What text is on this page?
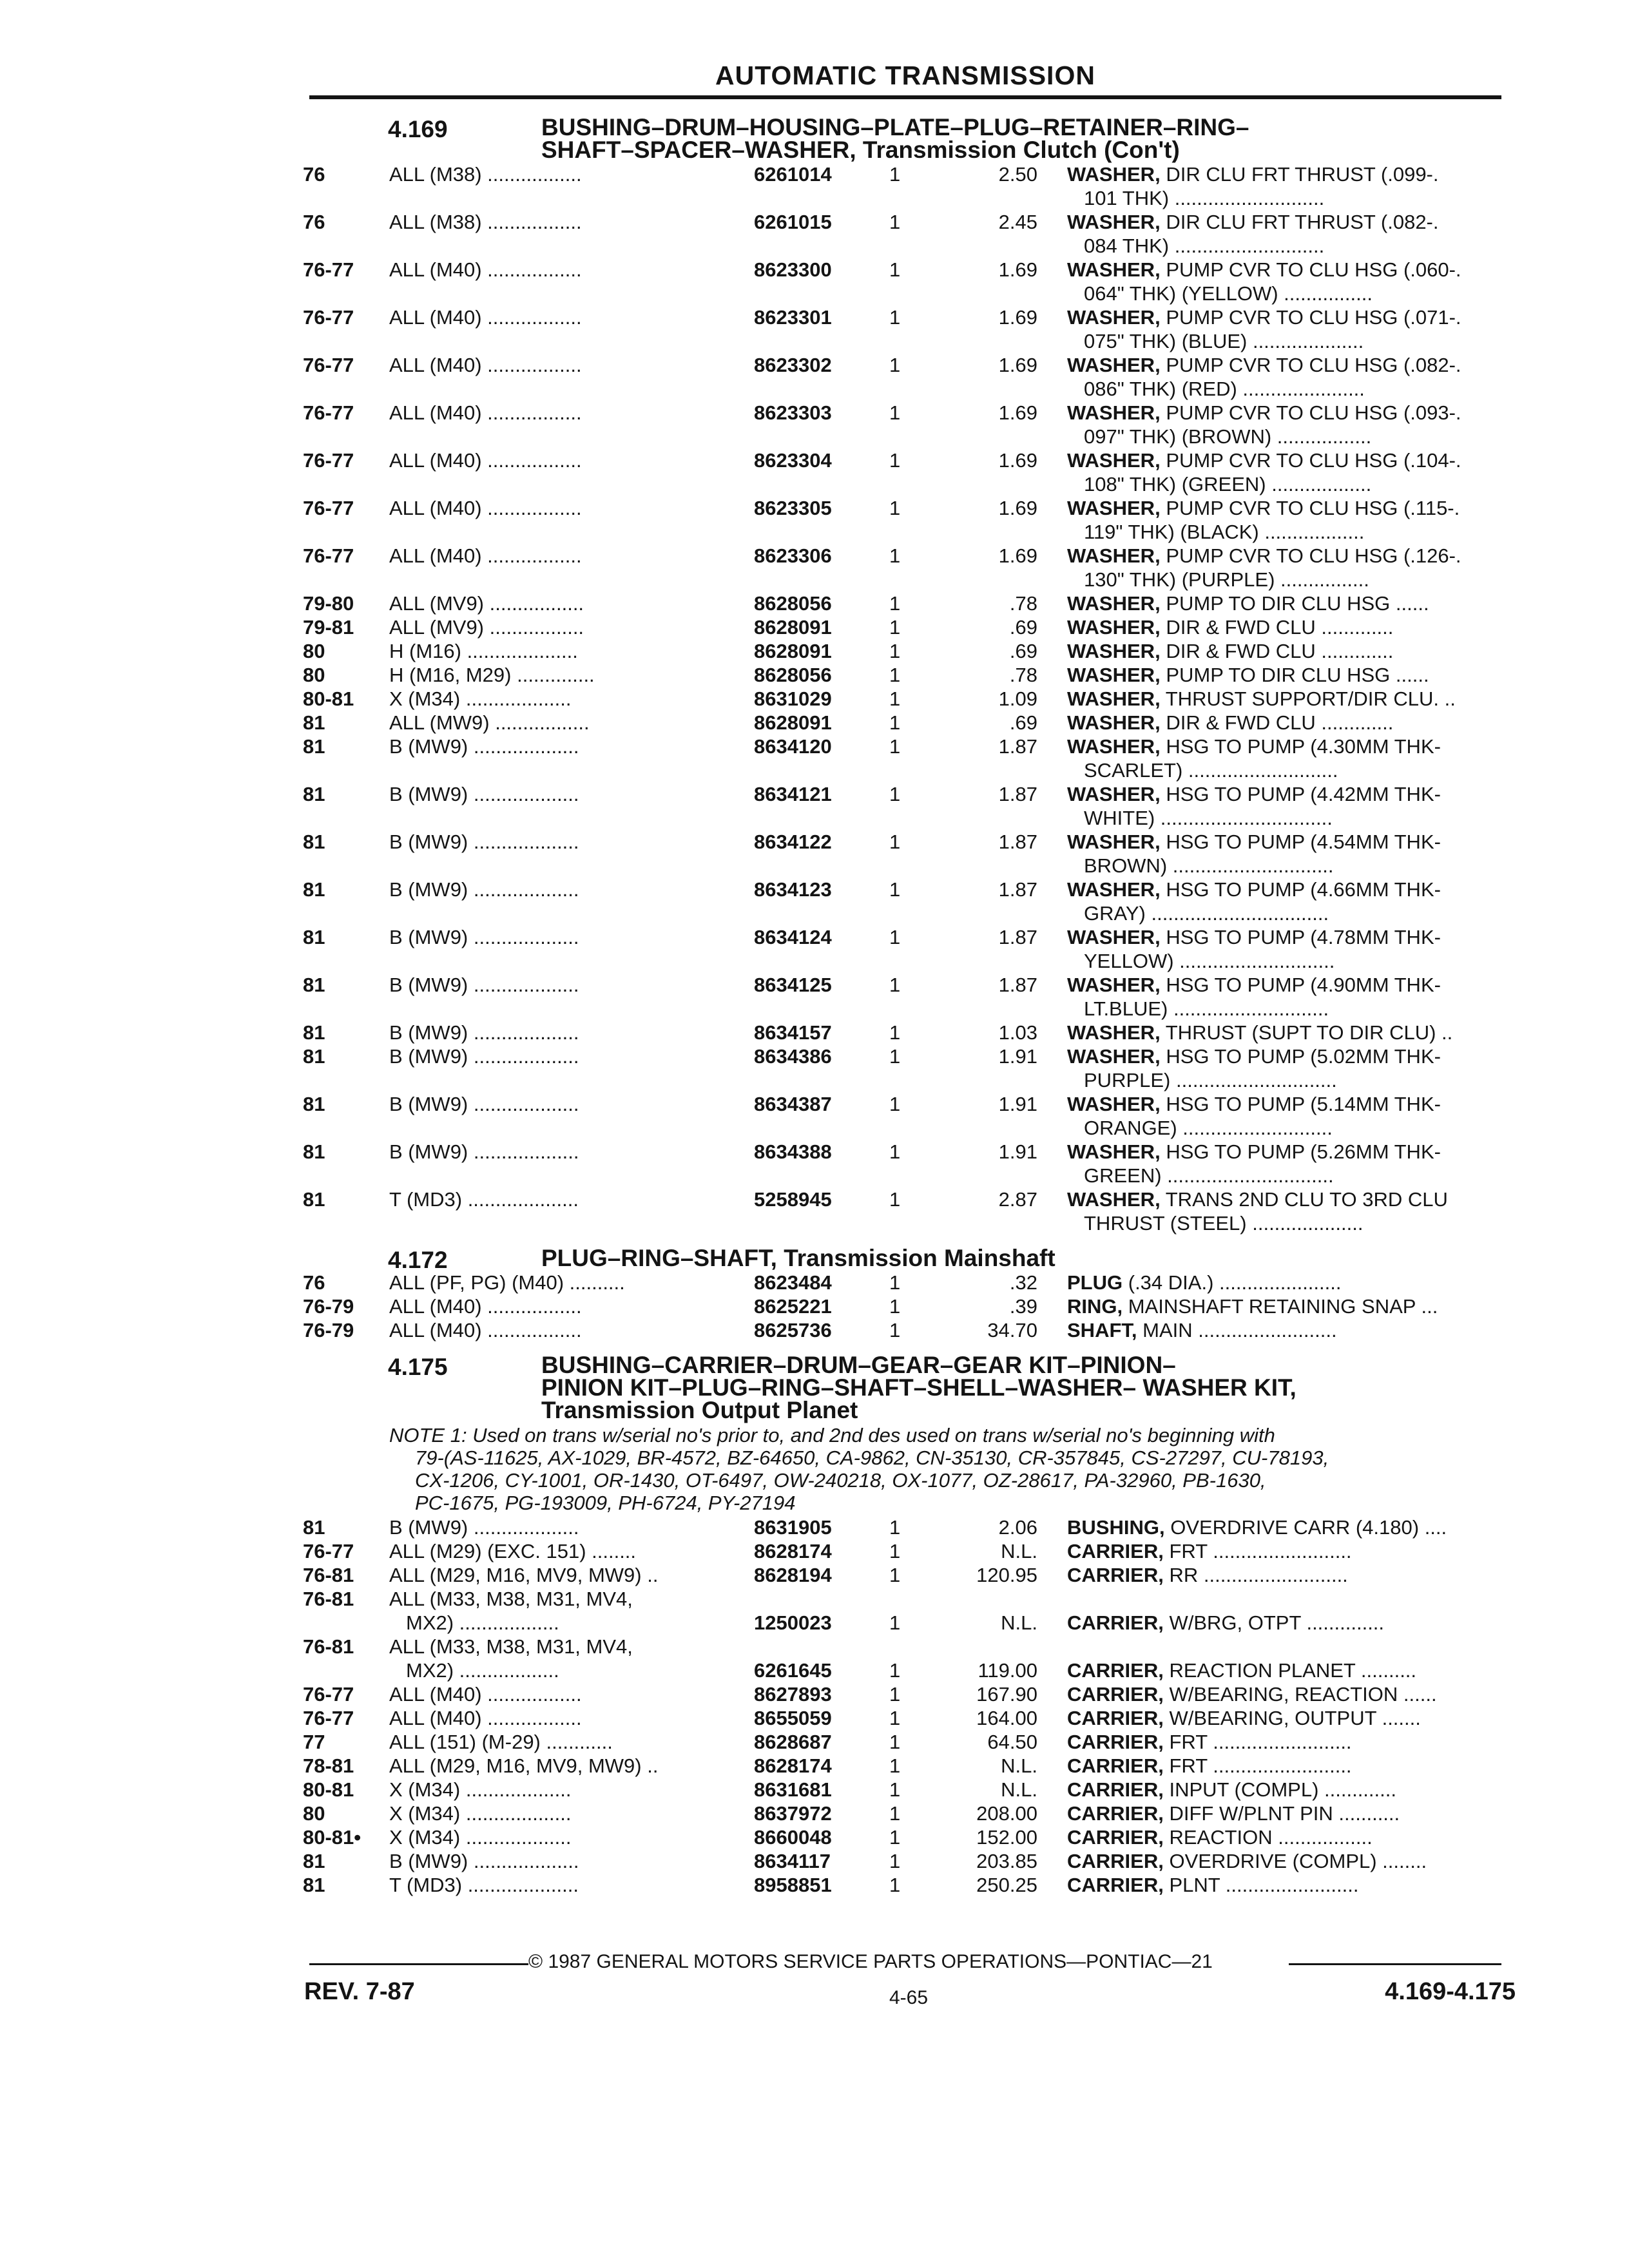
AUTOMATIC TRANSMISSION
4.169	BUSHING–DRUM–HOUSING–PLATE–PLUG–RETAINER–RING–
SHAFT–SPACER–WASHER, Transmission Clutch (Con't)
76	ALL (M38) .................	6261014	1	2.50 WASHER, DIR CLU FRT THRUST (.099-.
101 THK) ...........................
76	ALL (M38) .................	6261015	1	2.45 WASHER, DIR CLU FRT THRUST (.082-.
084 THK) ...........................
76-77	ALL (M40) .................	8623300	1	1.69 WASHER, PUMP CVR TO CLU HSG (.060-.
064" THK) (YELLOW) ................
76-77	ALL (M40) .................	8623301	1	1.69 WASHER, PUMP CVR TO CLU HSG (.071-.
075" THK) (BLUE) ....................
76-77	ALL (M40) .................	8623302	1	1.69 WASHER, PUMP CVR TO CLU HSG (.082-.
086" THK) (RED) ......................
76-77	ALL (M40) .................	8623303	1	1.69 WASHER, PUMP CVR TO CLU HSG (.093-.
097" THK) (BROWN) .................
76-77	ALL (M40) .................	8623304	1	1.69 WASHER, PUMP CVR TO CLU HSG (.104-.
108" THK) (GREEN) ..................
76-77	ALL (M40) .................	8623305	1	1.69 WASHER, PUMP CVR TO CLU HSG (.115-.
119" THK) (BLACK) ..................
76-77	ALL (M40) .................	8623306	1	1.69 WASHER, PUMP CVR TO CLU HSG (.126-.
130" THK) (PURPLE) ................
79-80	ALL (MV9) .................	8628056	1	.78 WASHER, PUMP TO DIR CLU HSG ......
79-81	ALL (MV9) .................	8628091	1	.69 WASHER, DIR & FWD CLU .............
80	H (M16) ....................	8628091	1	.69 WASHER, DIR & FWD CLU .............
80	H (M16, M29) ..............	8628056	1	.78 WASHER, PUMP TO DIR CLU HSG ......
80-81	X (M34) ...................	8631029	1	1.09 WASHER, THRUST SUPPORT/DIR CLU. ..
81	ALL (MW9) .................	8628091	1	.69 WASHER, DIR & FWD CLU .............
81	B (MW9) ...................	8634120	1	1.87 WASHER, HSG TO PUMP (4.30MM THK-
SCARLET) ...........................
81	B (MW9) ...................	8634121	1	1.87 WASHER, HSG TO PUMP (4.42MM THK-
WHITE) ...............................
81	B (MW9) ...................	8634122	1	1.87 WASHER, HSG TO PUMP (4.54MM THK-
BROWN) .............................
81	B (MW9) ...................	8634123	1	1.87 WASHER, HSG TO PUMP (4.66MM THK-
GRAY) ................................
81	B (MW9) ...................	8634124	1	1.87 WASHER, HSG TO PUMP (4.78MM THK-
YELLOW) ............................
81	B (MW9) ...................	8634125	1	1.87 WASHER, HSG TO PUMP (4.90MM THK-
LT.BLUE) ............................
81	B (MW9) ...................	8634157	1	1.03 WASHER, THRUST (SUPT TO DIR CLU) ..
81	B (MW9) ...................	8634386	1	1.91 WASHER, HSG TO PUMP (5.02MM THK-
PURPLE) .............................
81	B (MW9) ...................	8634387	1	1.91 WASHER, HSG TO PUMP (5.14MM THK-
ORANGE) ...........................
81	B (MW9) ...................	8634388	1	1.91 WASHER, HSG TO PUMP (5.26MM THK-
GREEN) ..............................
81	T (MD3) ....................	5258945	1	2.87 WASHER, TRANS 2ND CLU TO 3RD CLU
THRUST (STEEL) ....................
4.172	PLUG–RING–SHAFT, Transmission Mainshaft
76	ALL (PF, PG) (M40) ..........	8623484	1	.32 PLUG (.34 DIA.) ......................
76-79	ALL (M40) .................	8625221	1	.39 RING, MAINSHAFT RETAINING SNAP ...
76-79	ALL (M40) .................	8625736	1	34.70 SHAFT, MAIN .........................
4.175	BUSHING–CARRIER–DRUM–GEAR–GEAR KIT–PINION–
PINION KIT–PLUG–RING–SHAFT–SHELL–WASHER– WASHER KIT,
Transmission Output Planet
NOTE 1: Used on trans w/serial no's prior to, and 2nd des used on trans w/serial no's beginning with
79-(AS-11625, AX-1029, BR-4572, BZ-64650, CA-9862, CN-35130, CR-357845, CS-27297, CU-78193,
CX-1206, CY-1001, OR-1430, OT-6497, OW-240218, OX-1077, OZ-28617, PA-32960, PB-1630,
PC-1675, PG-193009, PH-6724, PY-27194
81	B (MW9) ...................	8631905	1	2.06 BUSHING, OVERDRIVE CARR (4.180) ....
76-77	ALL (M29) (EXC. 151) ........	8628174	1	N.L. CARRIER, FRT .........................
76-81	ALL (M29, M16, MV9, MW9) ..	8628194	1	120.95 CARRIER, RR ..........................
76-81	ALL (M33, M38, M31, MV4,
MX2) ..................	1250023	1	N.L. CARRIER, W/BRG, OTPT ..............
76-81	ALL (M33, M38, M31, MV4,
MX2) ..................	6261645	1	119.00 CARRIER, REACTION PLANET ..........
76-77	ALL (M40) .................	8627893	1	167.90 CARRIER, W/BEARING, REACTION ......
76-77	ALL (M40) .................	8655059	1	164.00 CARRIER, W/BEARING, OUTPUT .......
77	ALL (151) (M-29) ............	8628687	1	64.50 CARRIER, FRT .........................
78-81	ALL (M29, M16, MV9, MW9) ..	8628174	1	N.L. CARRIER, FRT .........................
80-81	X (M34) ...................	8631681	1	N.L. CARRIER, INPUT (COMPL) .............
80	X (M34) ...................	8637972	1	208.00 CARRIER, DIFF W/PLNT PIN ...........
80-81•	X (M34) ...................	8660048	1	152.00 CARRIER, REACTION .................
81	B (MW9) ...................	8634117	1	203.85 CARRIER, OVERDRIVE (COMPL) ........
81	T (MD3) ....................	8958851	1	250.25 CARRIER, PLNT ........................
© 1987 GENERAL MOTORS SERVICE PARTS OPERATIONS—PONTIAC—21
REV. 7-87	4-65	4.169-4.175
